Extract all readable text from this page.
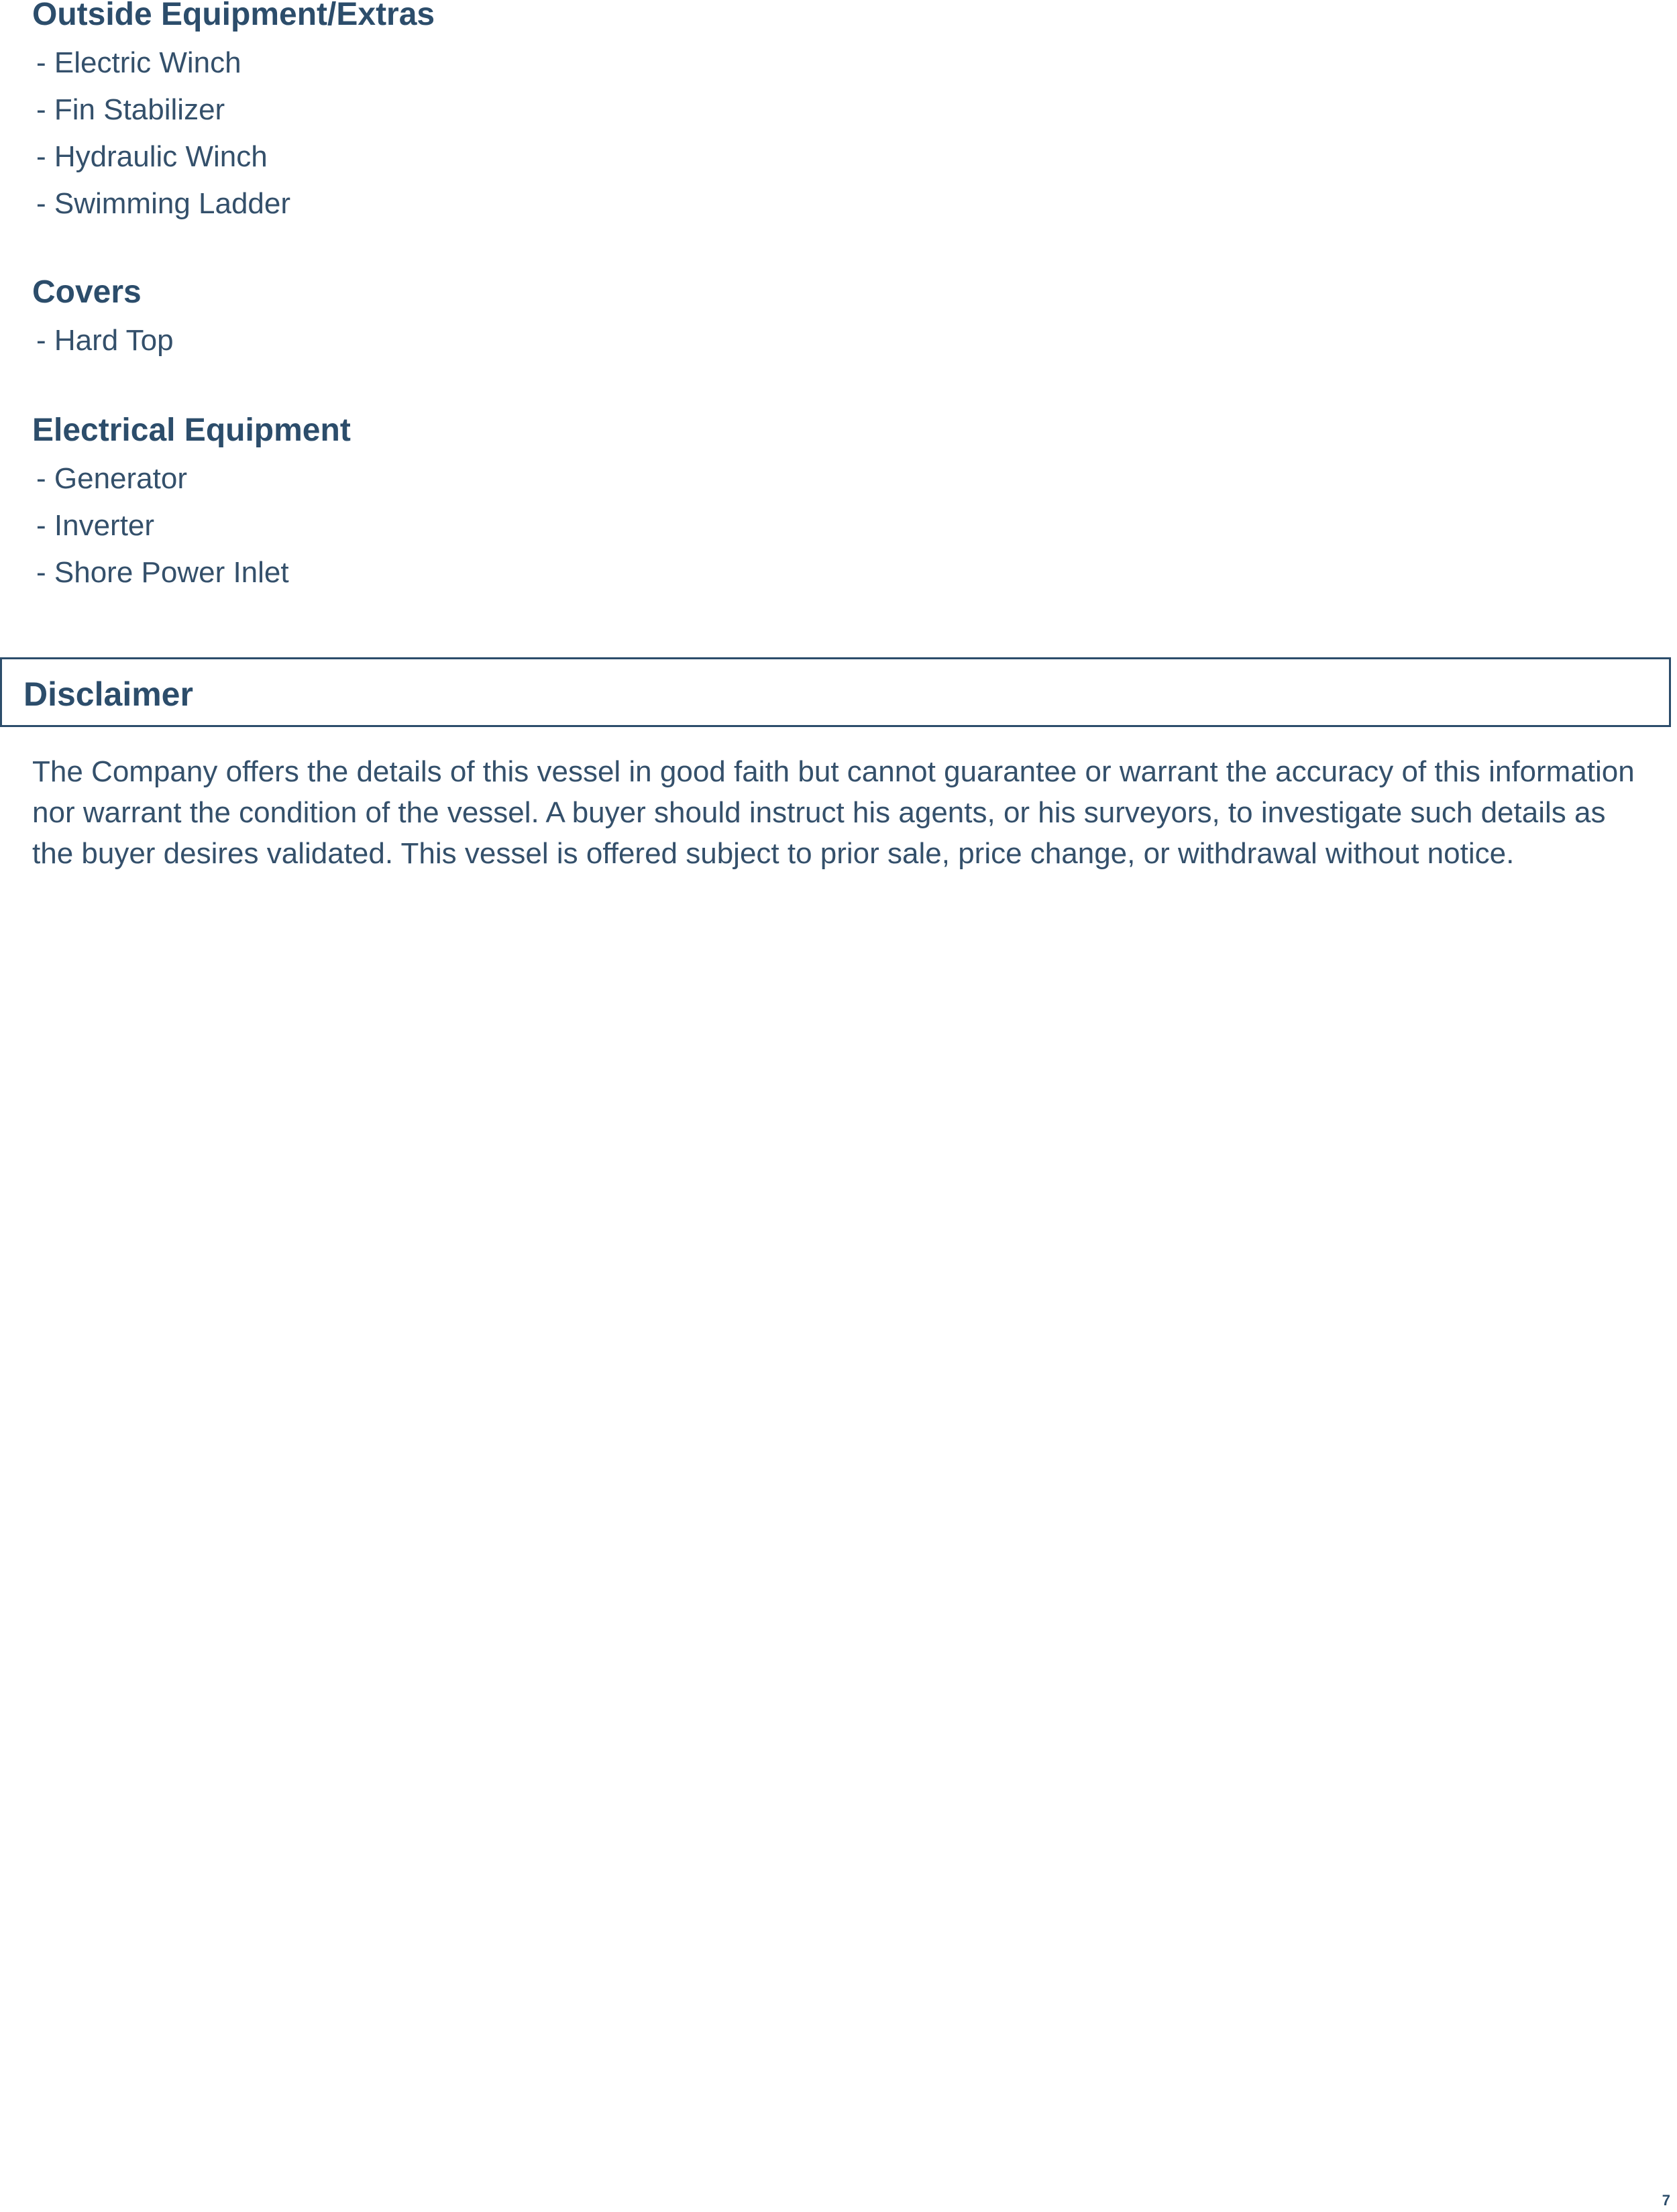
Outside Equipment/Extras
- Electric Winch
- Fin Stabilizer
- Hydraulic Winch
- Swimming Ladder
Covers
- Hard Top
Electrical Equipment
- Generator
- Inverter
- Shore Power Inlet
Disclaimer

The Company offers the details of this vessel in good faith but cannot guarantee or warrant the accuracy of this information nor warrant the condition of the vessel. A buyer should instruct his agents, or his surveyors, to investigate such details as the buyer desires validated. This vessel is offered subject to prior sale, price change, or withdrawal without notice.

7
